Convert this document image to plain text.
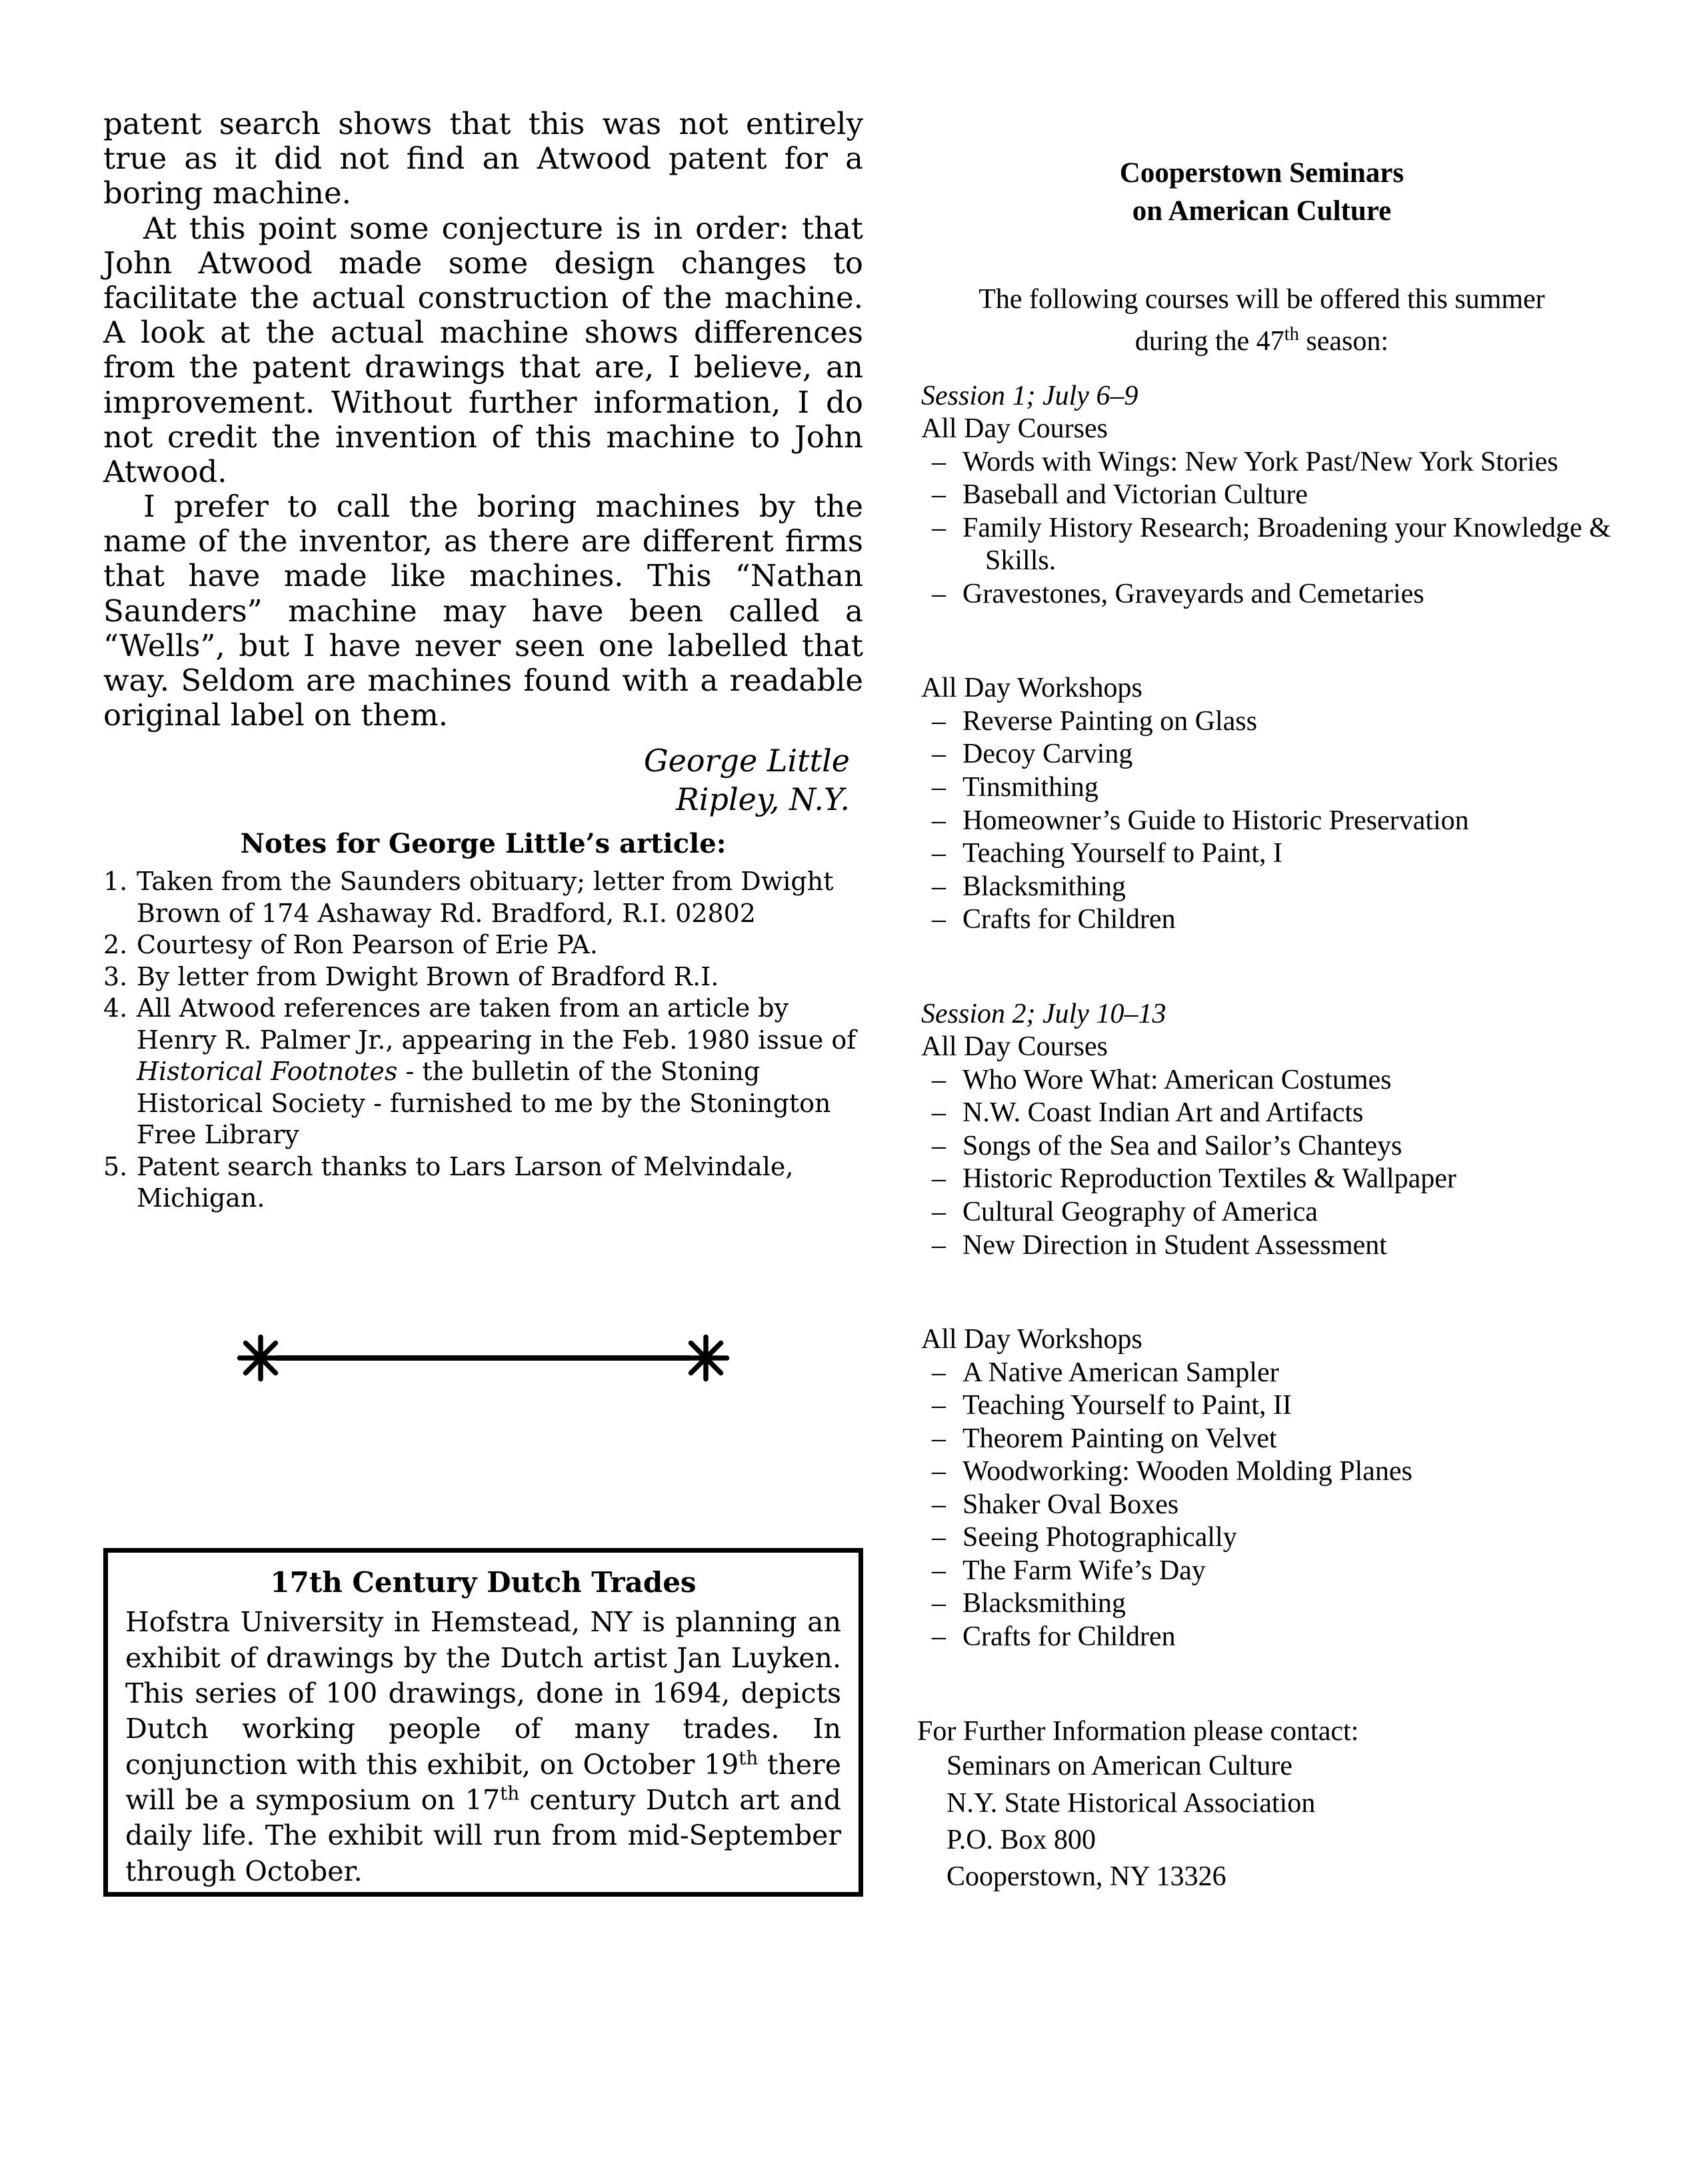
patent search shows that this was not entirely true as it did not find an Atwood patent for a boring machine.

At this point some conjecture is in order: that John Atwood made some design changes to facilitate the actual construction of the machine. A look at the actual machine shows differences from the patent drawings that are, I believe, an improvement. Without further information, I do not credit the invention of this machine to John Atwood.

I prefer to call the boring machines by the name of the inventor, as there are different firms that have made like machines. This “Nathan Saunders” machine may have been called a “Wells”, but I have never seen one labelled that way. Seldom are machines found with a readable original label on them.

George Little
Ripley, N.Y.
Notes for George Little’s article:
1. Taken from the Saunders obituary; letter from Dwight Brown of 174 Ashaway Rd. Bradford, R.I. 02802
2. Courtesy of Ron Pearson of Erie PA.
3. By letter from Dwight Brown of Bradford R.I.
4. All Atwood references are taken from an article by Henry R. Palmer Jr., appearing in the Feb. 1980 issue of Historical Footnotes - the bulletin of the Stoning Historical Society - furnished to me by the Stonington Free Library
5. Patent search thanks to Lars Larson of Melvindale, Michigan.
17th Century Dutch Trades

Hofstra University in Hemstead, NY is planning an exhibit of drawings by the Dutch artist Jan Luyken. This series of 100 drawings, done in 1694, depicts Dutch working people of many trades. In conjunction with this exhibit, on October 19th there will be a symposium on 17th century Dutch art and daily life. The exhibit will run from mid-September through October.

Cooperstown Seminars
on American Culture
The following courses will be offered this summer
during the 47th season:
Session 1; July 6–9
All Day Courses
– Words with Wings: New York Past/New York Stories
– Baseball and Victorian Culture
– Family History Research; Broadening your Knowledge & Skills.
– Gravestones, Graveyards and Cemetaries
All Day Workshops
– Reverse Painting on Glass
– Decoy Carving
– Tinsmithing
– Homeowner’s Guide to Historic Preservation
– Teaching Yourself to Paint, I
– Blacksmithing
– Crafts for Children
Session 2; July 10–13
All Day Courses
– Who Wore What: American Costumes
– N.W. Coast Indian Art and Artifacts
– Songs of the Sea and Sailor’s Chanteys
– Historic Reproduction Textiles & Wallpaper
– Cultural Geography of America
– New Direction in Student Assessment
All Day Workshops
– A Native American Sampler
– Teaching Yourself to Paint, II
– Theorem Painting on Velvet
– Woodworking: Wooden Molding Planes
– Shaker Oval Boxes
– Seeing Photographically
– The Farm Wife’s Day
– Blacksmithing
– Crafts for Children
For Further Information please contact:
Seminars on American Culture
N.Y. State Historical Association
P.O. Box 800
Cooperstown, NY 13326
